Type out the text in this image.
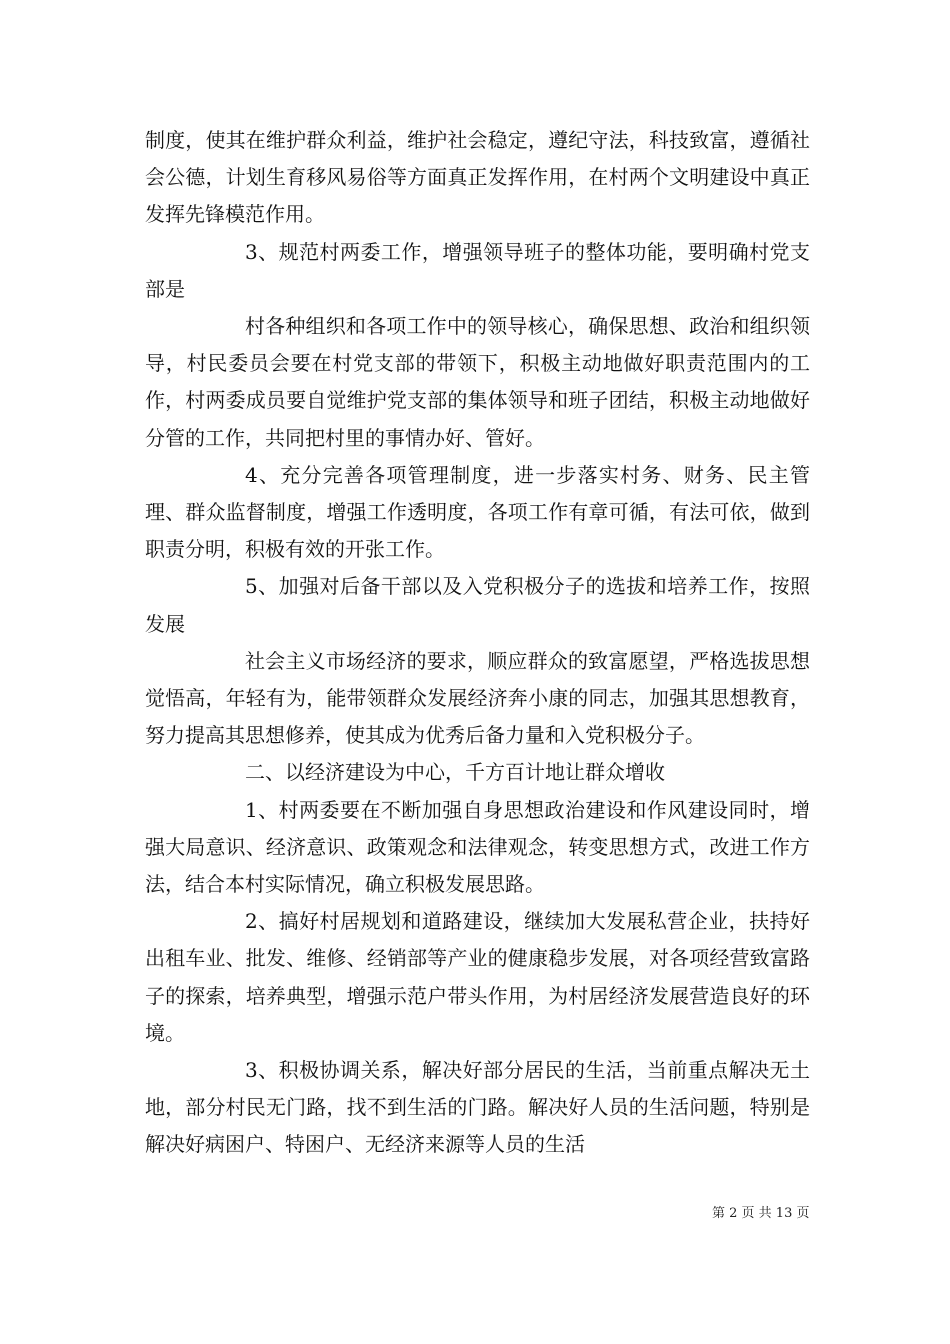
制度，使其在维护群众利益，维护社会稳定，遵纪守法，科技致富，遵循社会公德，计划生育移风易俗等方面真正发挥作用，在村两个文明建设中真正发挥先锋模范作用。

3、规范村两委工作，增强领导班子的整体功能，要明确村党支部是

村各种组织和各项工作中的领导核心，确保思想、政治和组织领导，村民委员会要在村党支部的带领下，积极主动地做好职责范围内的工作，村两委成员要自觉维护党支部的集体领导和班子团结，积极主动地做好分管的工作，共同把村里的事情办好、管好。

4、充分完善各项管理制度，进一步落实村务、财务、民主管理、群众监督制度，增强工作透明度，各项工作有章可循，有法可依，做到职责分明，积极有效的开张工作。

5、加强对后备干部以及入党积极分子的选拔和培养工作，按照发展

社会主义市场经济的要求，顺应群众的致富愿望，严格选拔思想觉悟高，年轻有为，能带领群众发展经济奔小康的同志，加强其思想教育，努力提高其思想修养，使其成为优秀后备力量和入党积极分子。

二、以经济建设为中心，千方百计地让群众增收

1、村两委要在不断加强自身思想政治建设和作风建设同时，增强大局意识、经济意识、政策观念和法律观念，转变思想方式，改进工作方法，结合本村实际情况，确立积极发展思路。

2、搞好村居规划和道路建设，继续加大发展私营企业，扶持好出租车业、批发、维修、经销部等产业的健康稳步发展，对各项经营致富路子的探索，培养典型，增强示范户带头作用，为村居经济发展营造良好的环境。

3、积极协调关系，解决好部分居民的生活，当前重点解决无土地，部分村民无门路，找不到生活的门路。解决好人员的生活问题，特别是解决好病困户、特困户、无经济来源等人员的生活

第 2 页 共 13 页
